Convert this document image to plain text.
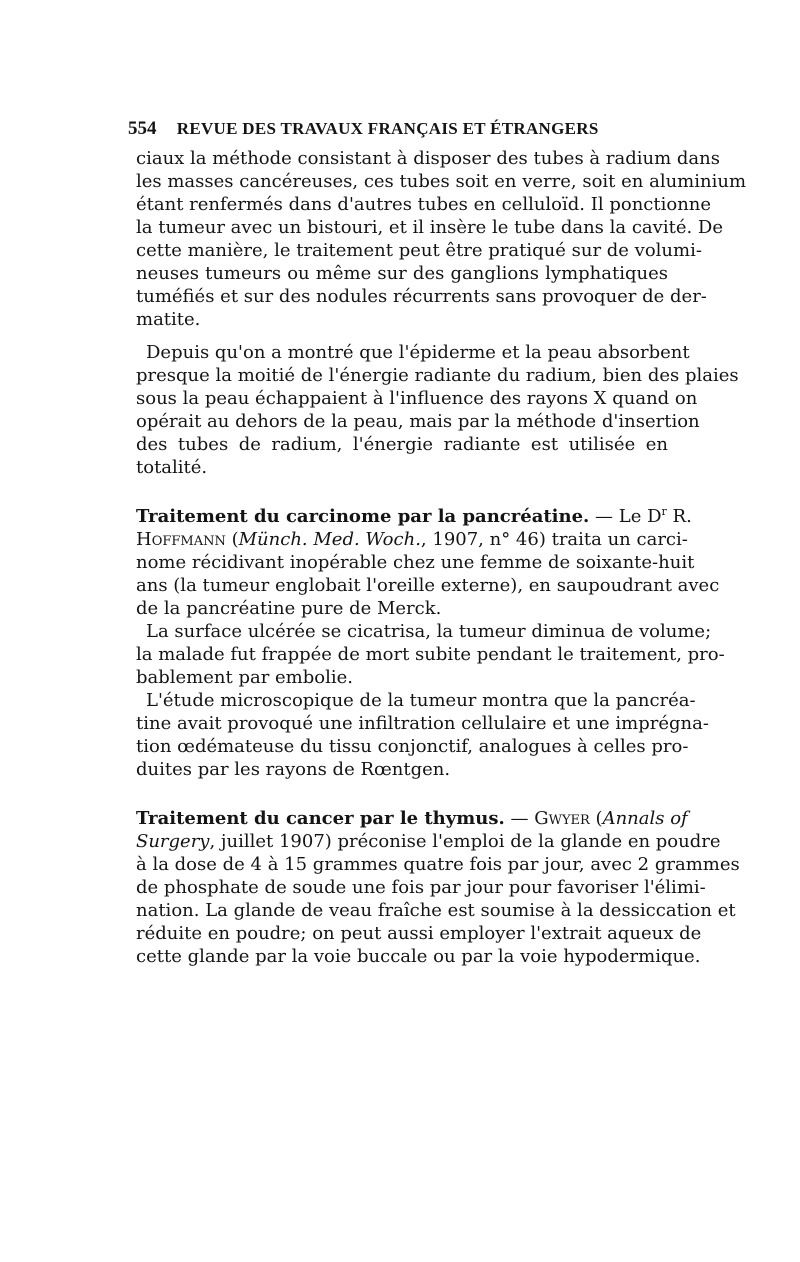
554 REVUE DES TRAVAUX FRANÇAIS ET ÉTRANGERS
ciaux la méthode consistant à disposer des tubes à radium dans
les masses cancéreuses, ces tubes soit en verre, soit en aluminium
étant renfermés dans d'autres tubes en celluloïd. Il ponctionne
la tumeur avec un bistouri, et il insère le tube dans la cavité. De
cette manière, le traitement peut être pratiqué sur de volumi-
neuses tumeurs ou même sur des ganglions lymphatiques
tuméfiés et sur des nodules récurrents sans provoquer de der-
matite.
Depuis qu'on a montré que l'épiderme et la peau absorbent
presque la moitié de l'énergie radiante du radium, bien des plaies
sous la peau échappaient à l'influence des rayons X quand on
opérait au dehors de la peau, mais par la méthode d'insertion
des tubes de radium, l'énergie radiante est utilisée en
totalité.
Traitement du carcinome par la pancréatine. — Le $D^r$ R.
Hoffmann (Münch. Med. Woch., 1907, n° 46) traita un carci-
nome récidivant inopérable chez une femme de soixante-huit
ans (la tumeur englobait l'oreille externe), en saupoudrant avec
de la pancréatine pure de Merck.
La surface ulcérée se cicatrisa, la tumeur diminua de volume;
la malade fut frappée de mort subite pendant le traitement, pro-
bablement par embolie.
L'étude microscopique de la tumeur montra que la pancréa-
tine avait provoqué une infiltration cellulaire et une imprégna-
tion œdémateuse du tissu conjonctif, analogues à celles pro-
duites par les rayons de Rœntgen.
Traitement du cancer par le thymus. — Gwyer (Annals of
Surgery, juillet 1907) préconise l'emploi de la glande en poudre
à la dose de 4 à 15 grammes quatre fois par jour, avec 2 grammes
de phosphate de soude une fois par jour pour favoriser l'élimi-
nation. La glande de veau fraîche est soumise à la dessiccation et
réduite en poudre; on peut aussi employer l'extrait aqueux de
cette glande par la voie buccale ou par la voie hypodermique.
